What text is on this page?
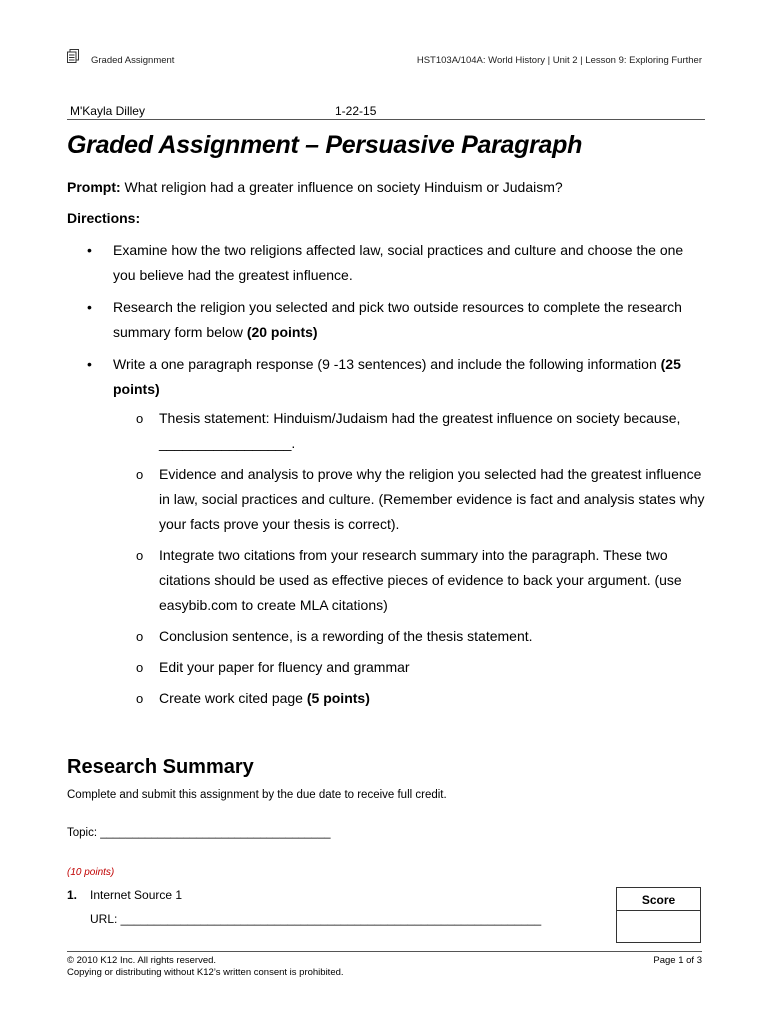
Graded Assignment	HST103A/104A: World History | Unit 2 | Lesson 9: Exploring Further
M'Kayla Dilley	1-22-15
Graded Assignment – Persuasive Paragraph
Prompt: What religion had a greater influence on society Hinduism or Judaism?
Directions:
• Examine how the two religions affected law, social practices and culture and choose the one you believe had the greatest influence.
• Research the religion you selected and pick two outside resources to complete the research summary form below (20 points)
• Write a one paragraph response (9 -13 sentences) and include the following information (25 points)
o Thesis statement: Hinduism/Judaism had the greatest influence on society because, _________________.
o Evidence and analysis to prove why the religion you selected had the greatest influence in law, social practices and culture. (Remember evidence is fact and analysis states why your facts prove your thesis is correct).
o Integrate two citations from your research summary into the paragraph. These two citations should be used as effective pieces of evidence to back your argument. (use easybib.com to create MLA citations)
o Conclusion sentence, is a rewording of the thesis statement.
o Edit your paper for fluency and grammar
o Create work cited page (5 points)
Research Summary
Complete and submit this assignment by the due date to receive full credit.
Topic: ____________________________________
(10 points)
1. Internet Source 1
URL: _______________________________________________________________
Score
© 2010 K12 Inc. All rights reserved.
Copying or distributing without K12’s written consent is prohibited.
Page 1 of 3
